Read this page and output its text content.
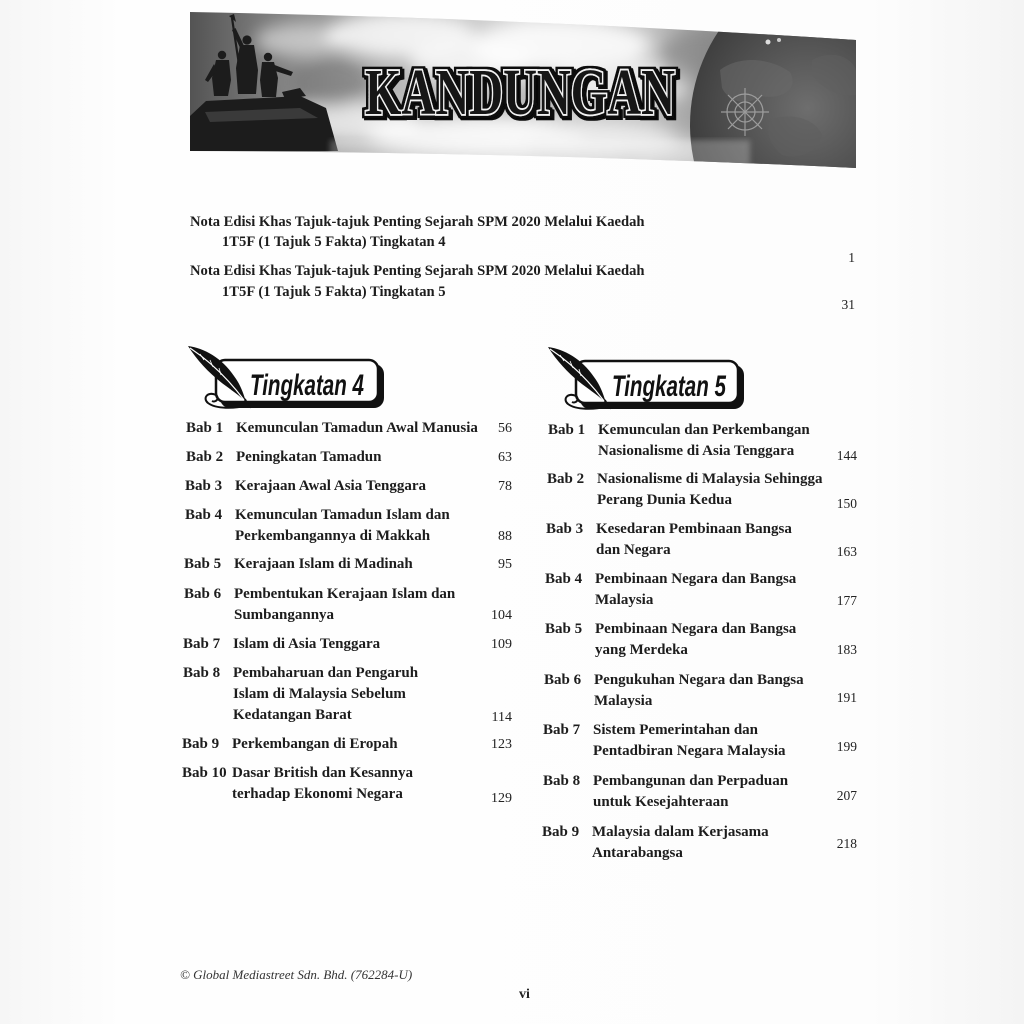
KANDUNGAN
Nota Edisi Khas Tajuk-tajuk Penting Sejarah SPM 2020 Melalui Kaedah
1T5F (1 Tajuk 5 Fakta) Tingkatan 4
1
Nota Edisi Khas Tajuk-tajuk Penting Sejarah SPM 2020 Melalui Kaedah
1T5F (1 Tajuk 5 Fakta) Tingkatan 5
31
Tingkatan 4	Tingkatan 5
Bab 1 Kemunculan Tamadun Awal Manusia	56
Bab 2 Peningkatan Tamadun	63
Bab 3 Kerajaan Awal Asia Tenggara	78
Bab 4 Kemunculan Tamadun Islam dan
Perkembangannya di Makkah	88
Bab 5 Kerajaan Islam di Madinah	95
Bab 6 Pembentukan Kerajaan Islam dan
Sumbangannya	104
Bab 7 Islam di Asia Tenggara	109
Bab 8 Pembaharuan dan Pengaruh
Islam di Malaysia Sebelum
Kedatangan Barat	114
Bab 9 Perkembangan di Eropah	123
Bab 10 Dasar British dan Kesannya
terhadap Ekonomi Negara	129
Bab 1 Kemunculan dan Perkembangan
Nasionalisme di Asia Tenggara	144
Bab 2 Nasionalisme di Malaysia Sehingga
Perang Dunia Kedua	150
Bab 3 Kesedaran Pembinaan Bangsa
dan Negara	163
Bab 4 Pembinaan Negara dan Bangsa
Malaysia	177
Bab 5 Pembinaan Negara dan Bangsa
yang Merdeka	183
Bab 6 Pengukuhan Negara dan Bangsa
Malaysia	191
Bab 7 Sistem Pemerintahan dan
Pentadbiran Negara Malaysia	199
Bab 8 Pembangunan dan Perpaduan
untuk Kesejahteraan	207
Bab 9 Malaysia dalam Kerjasama
Antarabangsa
218
© Global Mediastreet Sdn. Bhd. (762284-U)
vi
